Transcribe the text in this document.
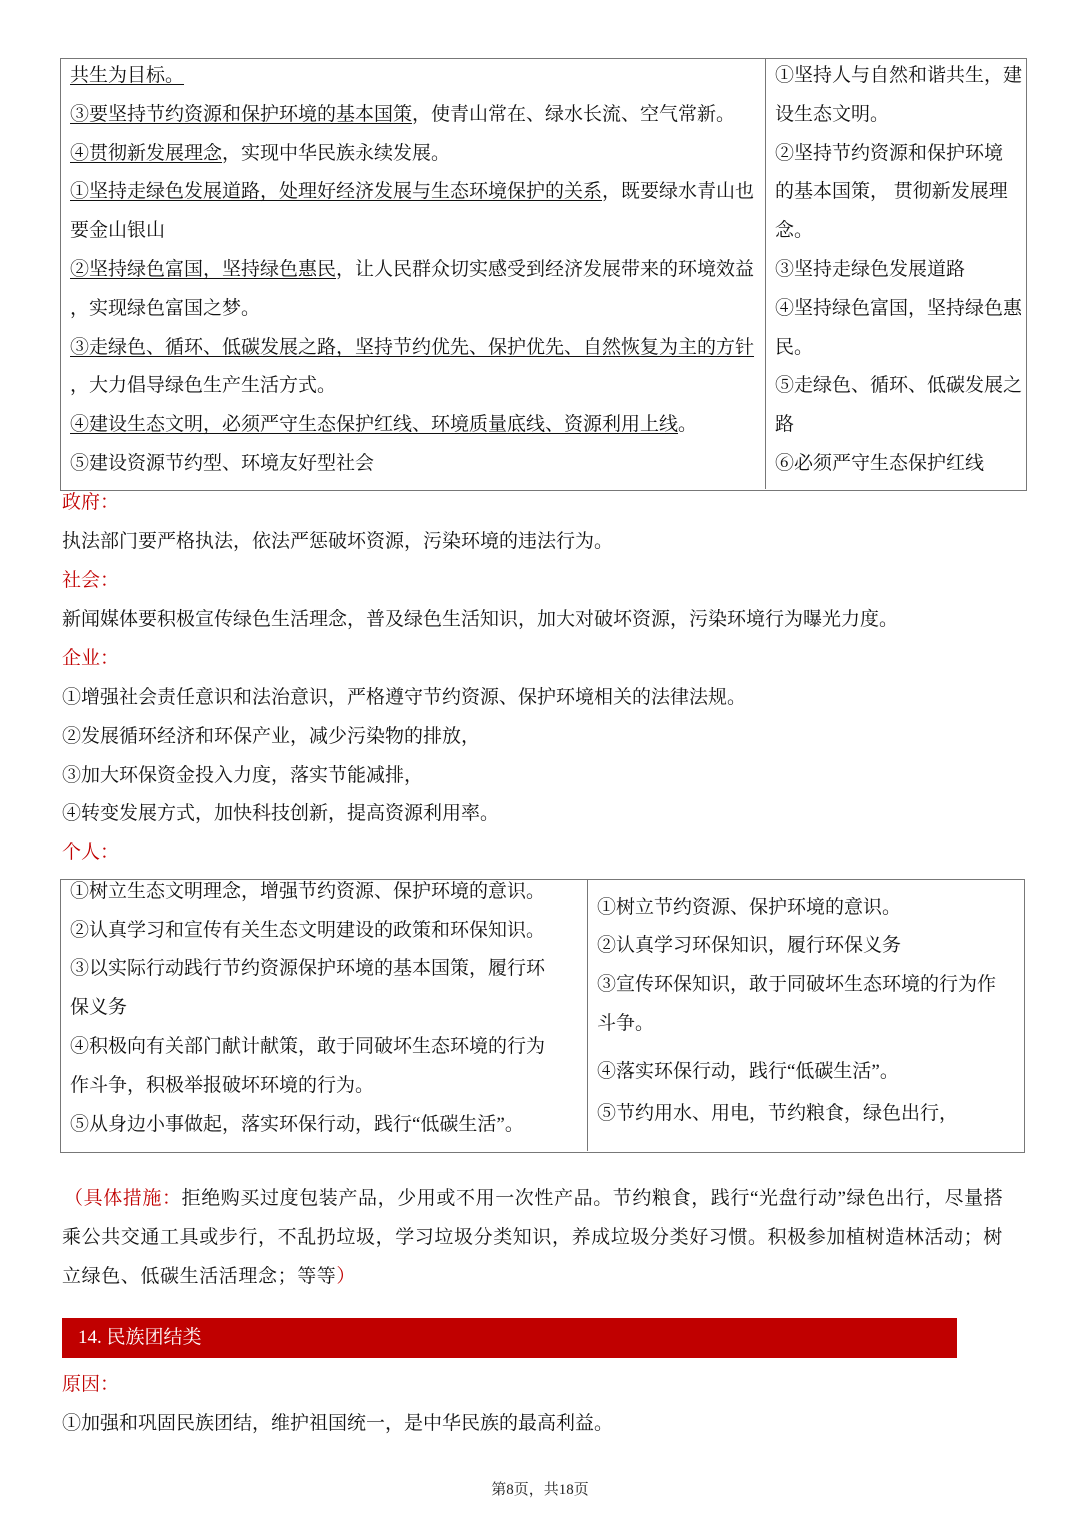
政府：
执法部门要严格执法，依法严惩破坏资源，污染环境的违法行为。
社会：
新闻媒体要积极宣传绿色生活理念，普及绿色生活知识，加大对破坏资源，污染环境行为曝光力度。
企业：
①增强社会责任意识和法治意识，严格遵守节约资源、保护环境相关的法律法规。
②发展循环经济和环保产业，减少污染物的排放，
③加大环保资金投入力度，落实节能减排，
④转变发展方式，加快科技创新，提高资源利用率。
个人：
（具体措施：拒绝购买过度包装产品，少用或不用一次性产品。节约粮食，践行“光盘行动”绿色出行，尽量搭
乘公共交通工具或步行，不乱扔垃圾，学习垃圾分类知识，养成垃圾分类好习惯。积极参加植树造林活动；树
立绿色、低碳生活活理念；等等）
14. 民族团结类
原因：
①加强和巩固民族团结，维护祖国统一，是中华民族的最高利益。
第8页，共18页
共生为目标。
③要坚持节约资源和保护环境的基本国策，使青山常在、绿水长流、空气常新。
④贯彻新发展理念，实现中华民族永续发展。
①坚持走绿色发展道路，处理好经济发展与生态环境保护的关系，既要绿水青山也
要金山银山
②坚持绿色富国，坚持绿色惠民，让人民群众切实感受到经济发展带来的环境效益
，实现绿色富国之梦。
③走绿色、循环、低碳发展之路，坚持节约优先、保护优先、自然恢复为主的方针
，大力倡导绿色生产生活方式。
④建设生态文明，必须严守生态保护红线、环境质量底线、资源利用上线。
⑤建设资源节约型、环境友好型社会
①坚持人与自然和谐共生，建
设生态文明。
②坚持节约资源和保护环境
的基本国策， 贯彻新发展理
念。
③坚持走绿色发展道路
④坚持绿色富国，坚持绿色惠
民。
⑤走绿色、循环、低碳发展之
路
⑥必须严守生态保护红线
①树立生态文明理念，增强节约资源、保护环境的意识。
②认真学习和宣传有关生态文明建设的政策和环保知识。
③以实际行动践行节约资源保护环境的基本国策，履行环
保义务
④积极向有关部门献计献策，敢于同破坏生态环境的行为
作斗争，积极举报破坏环境的行为。
⑤从身边小事做起，落实环保行动，践行“低碳生活”。
①树立节约资源、保护环境的意识。
②认真学习环保知识，履行环保义务
③宣传环保知识，敢于同破坏生态环境的行为作
斗争。
④落实环保行动，践行“低碳生活”。
⑤节约用水、用电，节约粮食，绿色出行，
